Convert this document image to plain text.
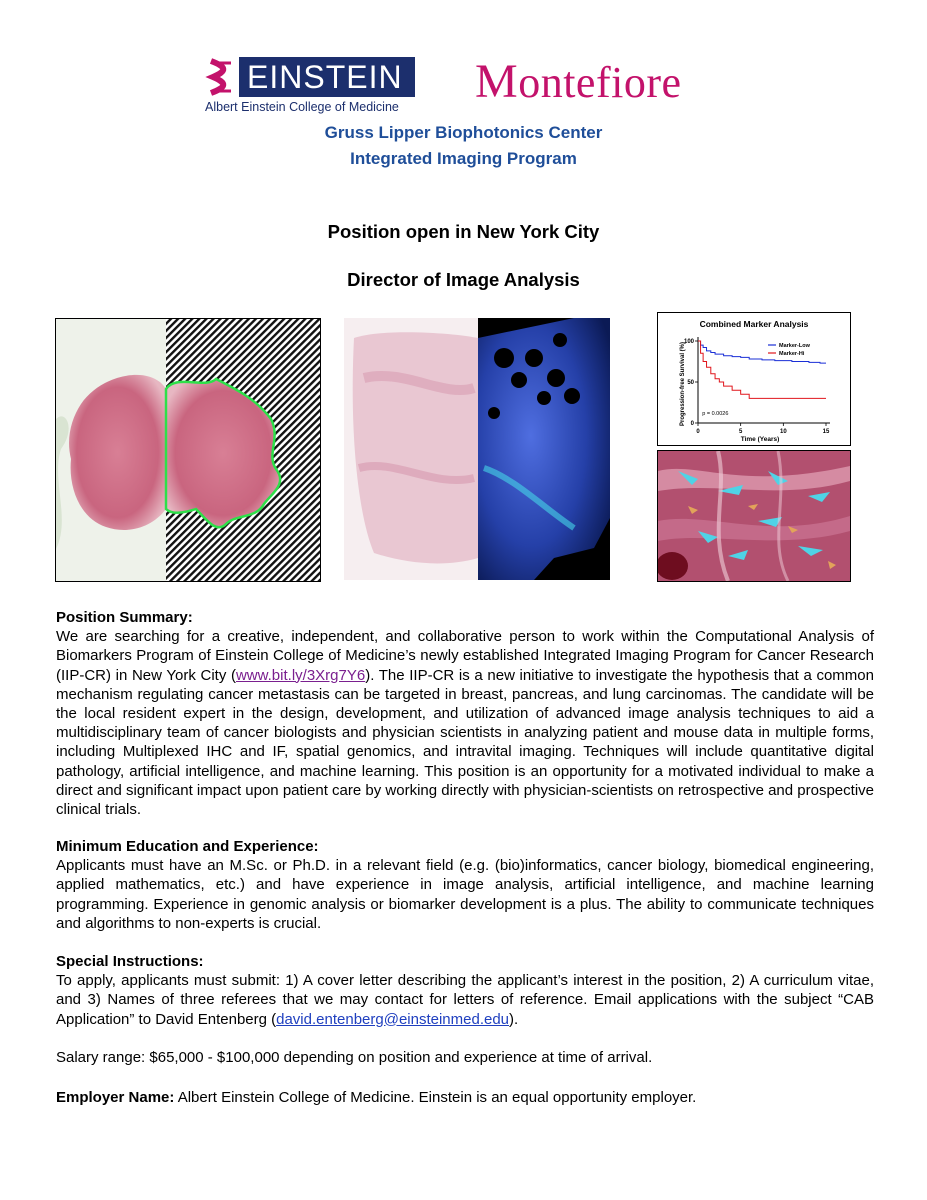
EINSTEIN
Albert Einstein College of Medicine Montefiore
Gruss Lipper Biophotonics Center
Integrated Imaging Program
Position open in New York City
Director of Image Analysis
Combined Marker Analysis
Progression-free Survival (%)
Time (Years)
0	5	10	15
0
50
100
Marker-Low
Marker-Hi
p = 0.0026
Position Summary:
We are searching for a creative, independent, and collaborative person to work within the Computational Analysis of Biomarkers Program of Einstein College of Medicine’s newly established Integrated Imaging Program for Cancer Research (IIP-CR) in New York City (www.bit.ly/3Xrg7Y6). The IIP-CR is a new initiative to investigate the hypothesis that a common mechanism regulating cancer metastasis can be targeted in breast, pancreas, and lung carcinomas. The candidate will be the local resident expert in the design, development, and utilization of advanced image analysis techniques to aid a multidisciplinary team of cancer biologists and physician scientists in analyzing patient and mouse data in multiple forms, including Multiplexed IHC and IF, spatial genomics, and intravital imaging. Techniques will include quantitative digital pathology, artificial intelligence, and machine learning. This position is an opportunity for a motivated individual to make a direct and significant impact upon patient care by working directly with physician-scientists on retrospective and prospective clinical trials.
Minimum Education and Experience:
Applicants must have an M.Sc. or Ph.D. in a relevant field (e.g. (bio)informatics, cancer biology, biomedical engineering, applied mathematics, etc.) and have experience in image analysis, artificial intelligence, and machine learning programming. Experience in genomic analysis or biomarker development is a plus. The ability to communicate techniques and algorithms to non-experts is crucial.
Special Instructions:
To apply, applicants must submit: 1) A cover letter describing the applicant’s interest in the position, 2) A curriculum vitae, and 3) Names of three referees that we may contact for letters of reference. Email applications with the subject “CAB Application” to David Entenberg (david.entenberg@einsteinmed.edu).
Salary range: $65,000 - $100,000 depending on position and experience at time of arrival.
Employer Name: Albert Einstein College of Medicine. Einstein is an equal opportunity employer.
